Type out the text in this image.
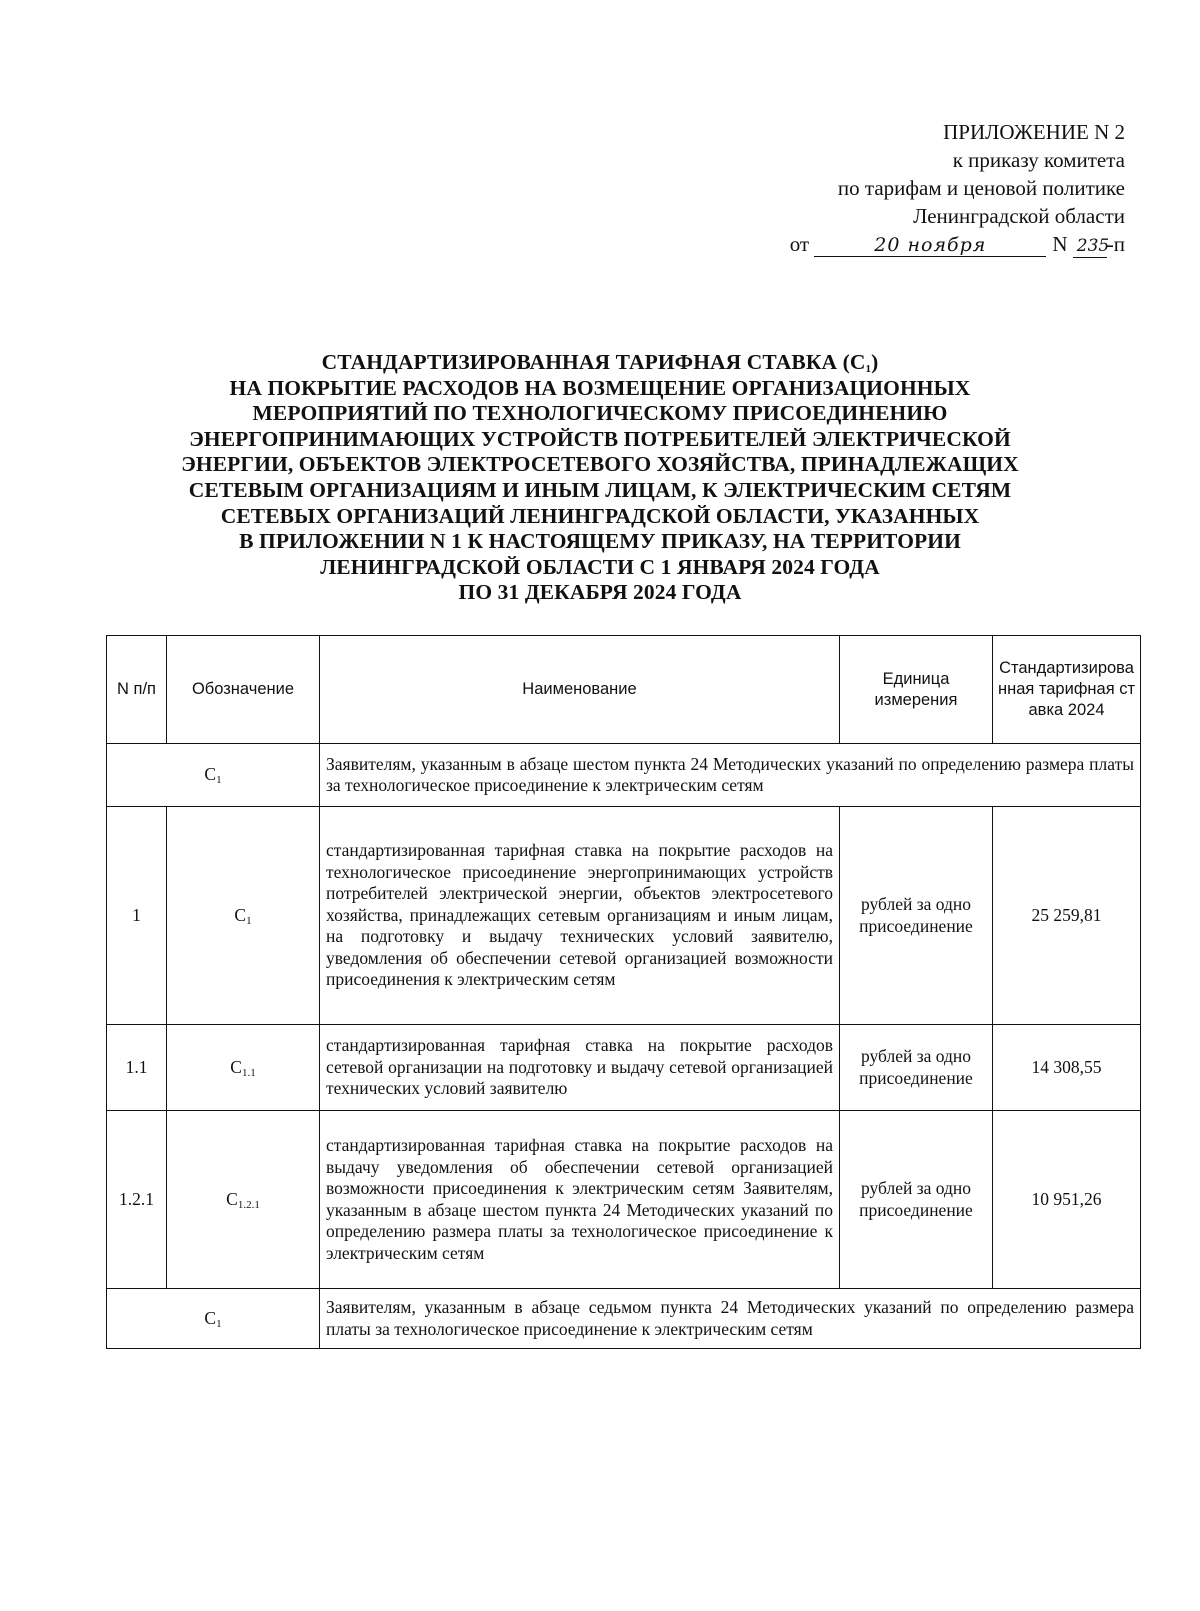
ПРИЛОЖЕНИЕ N 2
к приказу комитета
по тарифам и ценовой политике
Ленинградской области
от	20 ноября	N 235-п
СТАНДАРТИЗИРОВАННАЯ ТАРИФНАЯ СТАВКА $(С_1)$
НА ПОКРЫТИЕ РАСХОДОВ НА ВОЗМЕЩЕНИЕ ОРГАНИЗАЦИОННЫХ
МЕРОПРИЯТИЙ ПО ТЕХНОЛОГИЧЕСКОМУ ПРИСОЕДИНЕНИЮ
ЭНЕРГОПРИНИМАЮЩИХ УСТРОЙСТВ ПОТРЕБИТЕЛЕЙ ЭЛЕКТРИЧЕСКОЙ
ЭНЕРГИИ, ОБЪЕКТОВ ЭЛЕКТРОСЕТЕВОГО ХОЗЯЙСТВА, ПРИНАДЛЕЖАЩИХ
СЕТЕВЫМ ОРГАНИЗАЦИЯМ И ИНЫМ ЛИЦАМ, К ЭЛЕКТРИЧЕСКИМ СЕТЯМ
СЕТЕВЫХ ОРГАНИЗАЦИЙ ЛЕНИНГРАДСКОЙ ОБЛАСТИ, УКАЗАННЫХ
В ПРИЛОЖЕНИИ N 1 К НАСТОЯЩЕМУ ПРИКАЗУ, НА ТЕРРИТОРИИ
ЛЕНИНГРАДСКОЙ ОБЛАСТИ С 1 ЯНВАРЯ 2024 ГОДА
ПО 31 ДЕКАБРЯ 2024 ГОДА
N п/п	Обозначение	Наименование	Единица измерения	Стандартизированная тарифная ставка 2024
$C_1$		Заявителям, указанным в абзаце шестом пункта 24 Методических указаний по определению размера платы за технологическое присоединение к электрическим сетям		
1	$C_1$	стандартизированная тарифная ставка на покрытие расходов на технологическое присоединение энергопринимающих устройств потребителей электрической энергии, объектов электросетевого хозяйства, принадлежащих сетевым организациям и иным лицам, на подготовку и выдачу технических условий заявителю, уведомления об обеспечении сетевой организацией возможности присоединения к электрическим сетям	рублей за одно присоединение	25 259,81
1.1	$C_{1.1}$	стандартизированная тарифная ставка на покрытие расходов сетевой организации на подготовку и выдачу сетевой организацией технических условий заявителю	рублей за одно присоединение	14 308,55
1.2.1	$C_{1.2.1}$	стандартизированная тарифная ставка на покрытие расходов на выдачу уведомления об обеспечении сетевой организацией возможности присоединения к электрическим сетям Заявителям, указанным в абзаце шестом пункта 24 Методических указаний по определению размера платы за технологическое присоединение к электрическим сетям	рублей за одно присоединение	10 951,26
$C_1$		Заявителям, указанным в абзаце седьмом пункта 24 Методических указаний по определению размера платы за технологическое присоединение к электрическим сетям		
